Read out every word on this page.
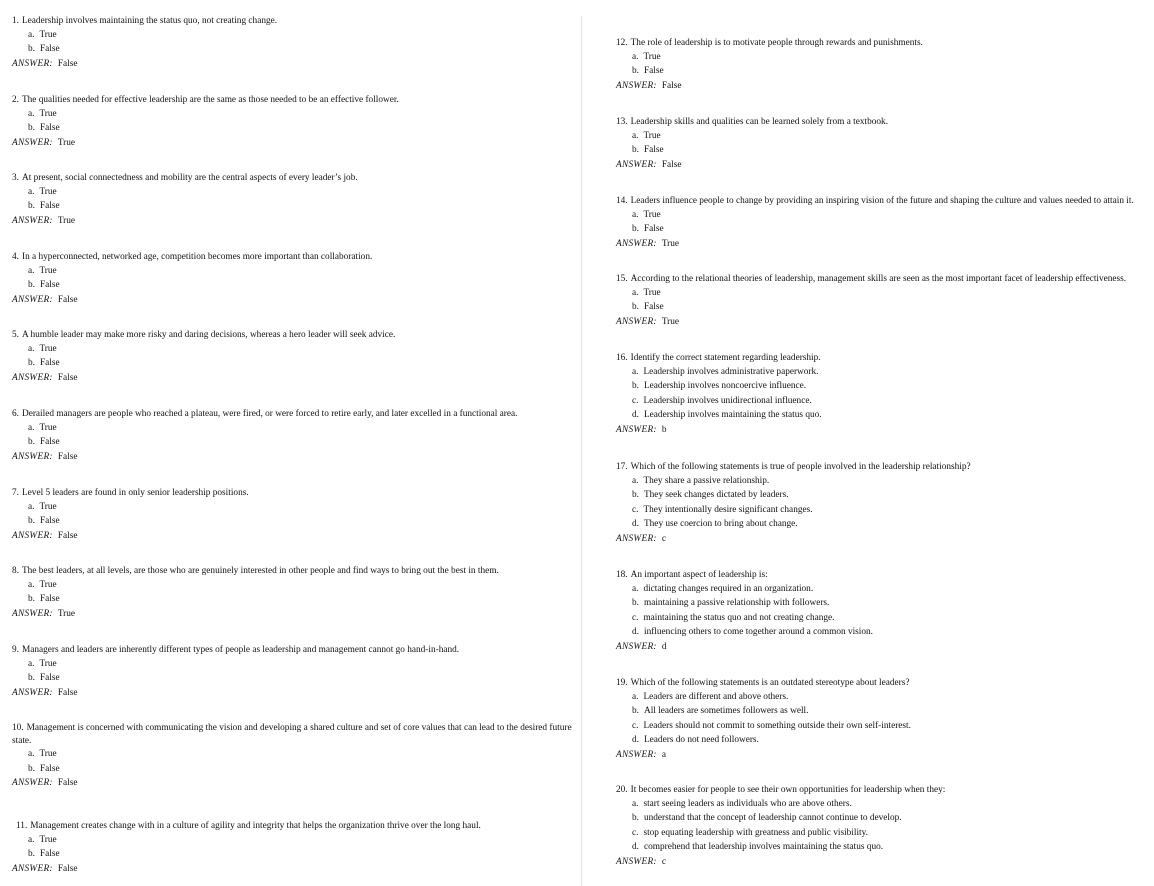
1. Leadership involves maintaining the status quo, not creating change.
a. True
b. False
ANSWER: False
2. The qualities needed for effective leadership are the same as those needed to be an effective follower.
a. True
b. False
ANSWER: True
3. At present, social connectedness and mobility are the central aspects of every leader’s job.
a. True
b. False
ANSWER: True
4. In a hyperconnected, networked age, competition becomes more important than collaboration.
a. True
b. False
ANSWER: False
5. A humble leader may make more risky and daring decisions, whereas a hero leader will seek advice.
a. True
b. False
ANSWER: False
6. Derailed managers are people who reached a plateau, were fired, or were forced to retire early, and later excelled in a functional area.
a. True
b. False
ANSWER: False
7. Level 5 leaders are found in only senior leadership positions.
a. True
b. False
ANSWER: False
8. The best leaders, at all levels, are those who are genuinely interested in other people and find ways to bring out the best in them.
a. True
b. False
ANSWER: True
9. Managers and leaders are inherently different types of people as leadership and management cannot go hand-in-hand.
a. True
b. False
ANSWER: False
10. Management is concerned with communicating the vision and developing a shared culture and set of core values that can lead to the desired future state.
a. True
b. False
ANSWER: False
11. Management creates change with in a culture of agility and integrity that helps the organization thrive over the long haul.
a. True
b. False
ANSWER: False
12. The role of leadership is to motivate people through rewards and punishments.
a. True
b. False
ANSWER: False
13. Leadership skills and qualities can be learned solely from a textbook.
a. True
b. False
ANSWER: False
14. Leaders influence people to change by providing an inspiring vision of the future and shaping the culture and values needed to attain it.
a. True
b. False
ANSWER: True
15. According to the relational theories of leadership, management skills are seen as the most important facet of leadership effectiveness.
a. True
b. False
ANSWER: True
16. Identify the correct statement regarding leadership.
a. Leadership involves administrative paperwork.
b. Leadership involves noncoercive influence.
c. Leadership involves unidirectional influence.
d. Leadership involves maintaining the status quo.
ANSWER: b
17. Which of the following statements is true of people involved in the leadership relationship?
a. They share a passive relationship.
b. They seek changes dictated by leaders.
c. They intentionally desire significant changes.
d. They use coercion to bring about change.
ANSWER: c
18. An important aspect of leadership is:
a. dictating changes required in an organization.
b. maintaining a passive relationship with followers.
c. maintaining the status quo and not creating change.
d. influencing others to come together around a common vision.
ANSWER: d
19. Which of the following statements is an outdated stereotype about leaders?
a. Leaders are different and above others.
b. All leaders are sometimes followers as well.
c. Leaders should not commit to something outside their own self-interest.
d. Leaders do not need followers.
ANSWER: a
20. It becomes easier for people to see their own opportunities for leadership when they:
a. start seeing leaders as individuals who are above others.
b. understand that the concept of leadership cannot continue to develop.
c. stop equating leadership with greatness and public visibility.
d. comprehend that leadership involves maintaining the status quo.
ANSWER: c
